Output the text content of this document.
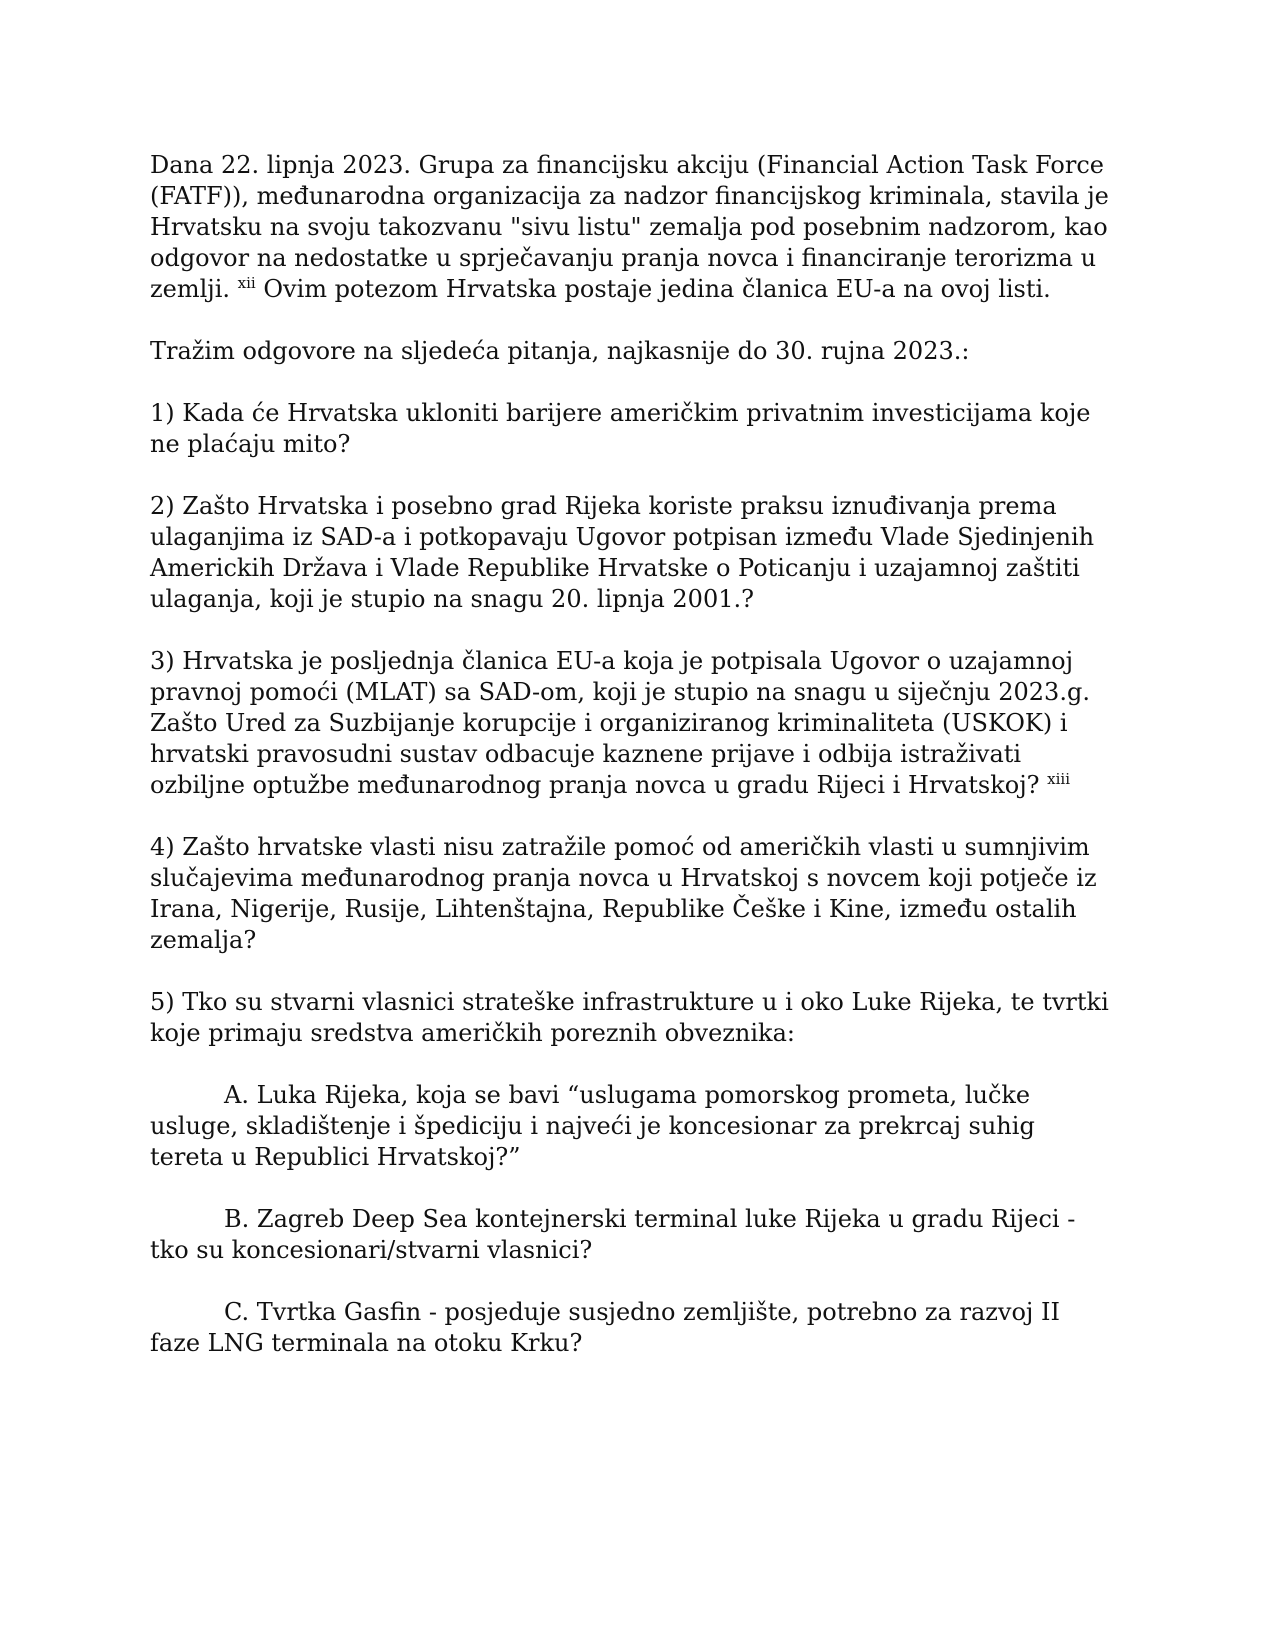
Dana 22. lipnja 2023. Grupa za financijsku akciju (Financial Action Task Force (FATF)), međunarodna organizacija za nadzor financijskog kriminala, stavila je Hrvatsku na svoju takozvanu "sivu listu" zemalja pod posebnim nadzorom, kao odgovor na nedostatke u sprječavanju pranja novca i financiranje terorizma u zemlji. $^{xii}$ Ovim potezom Hrvatska postaje jedina članica EU-a na ovoj listi.

Tražim odgovore na sljedeća pitanja, najkasnije do 30. rujna 2023.:

1) Kada će Hrvatska ukloniti barijere američkim privatnim investicijama koje ne plaćaju mito?

2) Zašto Hrvatska i posebno grad Rijeka koriste praksu iznuđivanja prema ulaganjima iz SAD-a i potkopavaju Ugovor potpisan između Vlade Sjedinjenih Americkih Država i Vlade Republike Hrvatske o Poticanju i uzajamnoj zaštiti ulaganja, koji je stupio na snagu 20. lipnja 2001.?

3) Hrvatska je posljednja članica EU-a koja je potpisala Ugovor o uzajamnoj pravnoj pomoći (MLAT) sa SAD-om, koji je stupio na snagu u siječnju 2023.g. Zašto Ured za Suzbijanje korupcije i organiziranog kriminaliteta (USKOK) i hrvatski pravosudni sustav odbacuje kaznene prijave i odbija istraživati ozbiljne optužbe međunarodnog pranja novca u gradu Rijeci i Hrvatskoj? $^{xiii}$

4) Zašto hrvatske vlasti nisu zatražile pomoć od američkih vlasti u sumnjivim slučajevima međunarodnog pranja novca u Hrvatskoj s novcem koji potječe iz Irana, Nigerije, Rusije, Lihtenštajna, Republike Češke i Kine, između ostalih zemalja?

5) Tko su stvarni vlasnici strateške infrastrukture u i oko Luke Rijeka, te tvrtki koje primaju sredstva američkih poreznih obveznika:

A. Luka Rijeka, koja se bavi “uslugama pomorskog prometa, lučke usluge, skladištenje i špediciju i najveći je koncesionar za prekrcaj suhig tereta u Republici Hrvatskoj?”

B. Zagreb Deep Sea kontejnerski terminal luke Rijeka u gradu Rijeci - tko su koncesionari/stvarni vlasnici?

C. Tvrtka Gasfin - posjeduje susjedno zemljište, potrebno za razvoj II faze LNG terminala na otoku Krku?
